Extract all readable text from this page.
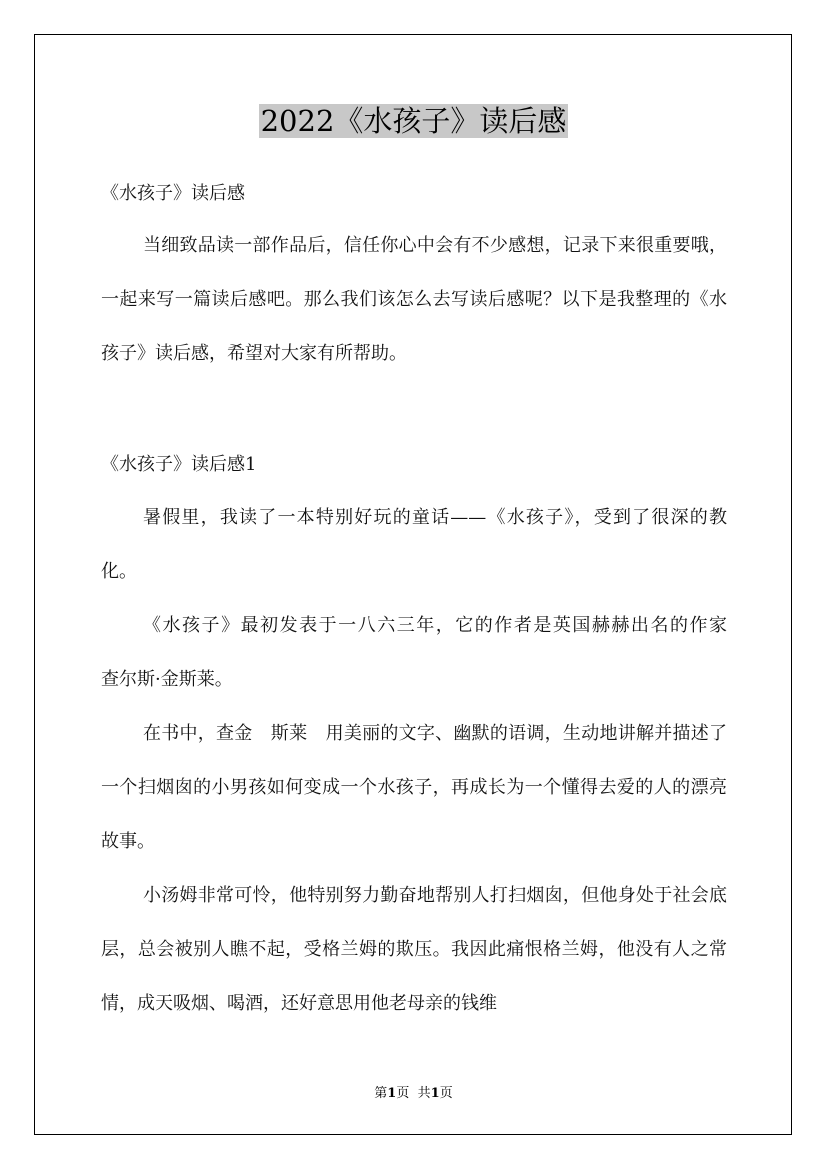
2022《水孩子》读后感
《水孩子》读后感

当细致品读一部作品后，信任你心中会有不少感想，记录下来很重要哦，一起来写一篇读后感吧。那么我们该怎么去写读后感呢？以下是我整理的《水孩子》读后感，希望对大家有所帮助。

《水孩子》读后感1

暑假里，我读了一本特别好玩的童话——《水孩子》，受到了很深的教化。

《水孩子》最初发表于一八六三年，它的作者是英国赫赫出名的作家　　 查尔斯·金斯莱。

在书中，查金　斯莱　用美丽的文字、幽默的语调，生动地讲解并描述了一个扫烟囱的小男孩如何变成一个水孩子，再成长为一个懂得去爱的人的漂亮故事。

小汤姆非常可怜，他特别努力勤奋地帮别人打扫烟囱，但他身处于社会底层，总会被别人瞧不起，受格兰姆的欺压。我因此痛恨格兰姆，他没有人之常情，成天吸烟、喝酒，还好意思用他老母亲的钱维

第1页 共1页
